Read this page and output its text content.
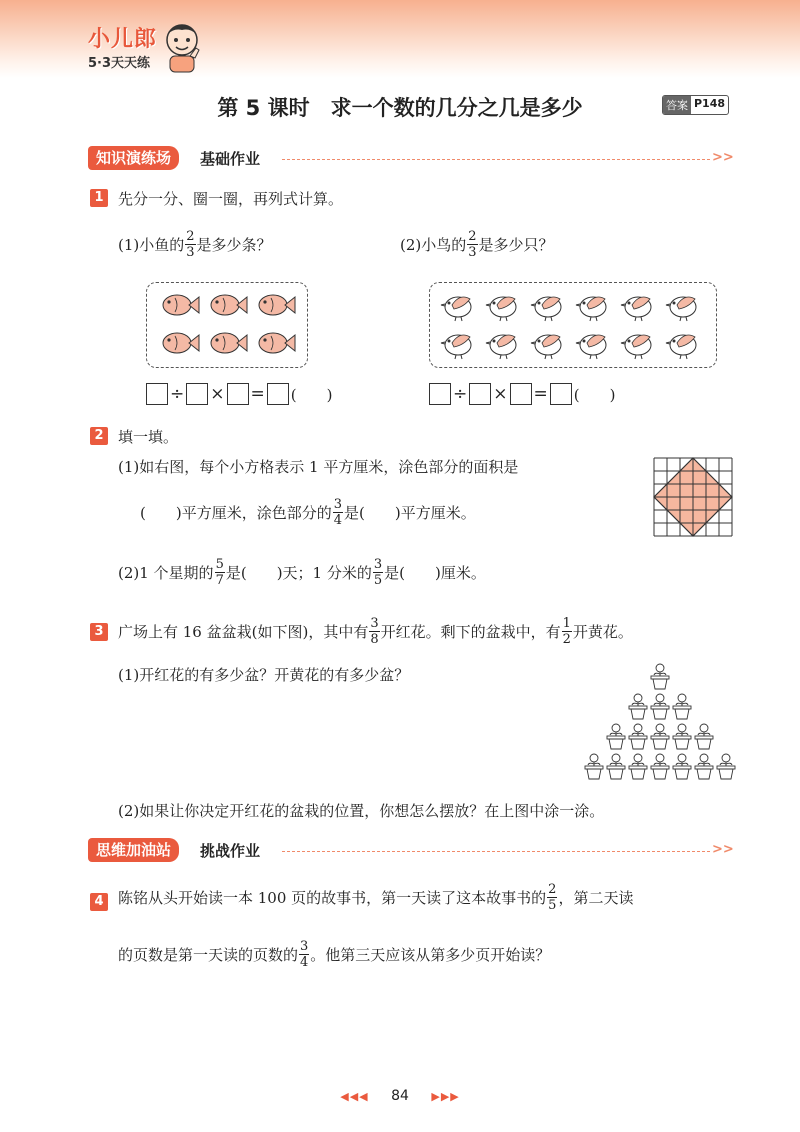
小儿郎
5·3天天练
第 5 课时　求一个数的几分之几是多少	答案 P148
知识演练场	基础作业	>>
1 先分一分、圈一圈，再列式计算。
(1)小鱼的 $\frac{2}{3}$ 是多少条？	(2)小鸟的 $\frac{2}{3}$ 是多少只？
÷ × = (　　)	÷ × = (　　)
2 填一填。
(1)如右图，每个小方格表示 1 平方厘米，涂色部分的面积是
(　　)平方厘米，涂色部分的 $\frac{3}{4}$ 是(　　)平方厘米。
(2)1 个星期的 $\frac{5}{7}$ 是(　　)天；1 分米的 $\frac{3}{5}$ 是(　　)厘米。
3 广场上有 16 盆盆栽(如下图)，其中有 $\frac{3}{8}$ 开红花。剩下的盆栽中，有 $\frac{1}{2}$ 开黄花。
(1)开红花的有多少盆？开黄花的有多少盆？
(2)如果让你决定开红花的盆栽的位置，你想怎么摆放？在上图中涂一涂。
思维加油站	挑战作业	>>
4 陈铭从头开始读一本 100 页的故事书，第一天读了这本故事书的 $\frac{2}{5}$ ，第二天读
的页数是第一天读的页数的 $\frac{3}{4}$ 。他第三天应该从第多少页开始读？
◀◀◀ 84 ▶▶▶
